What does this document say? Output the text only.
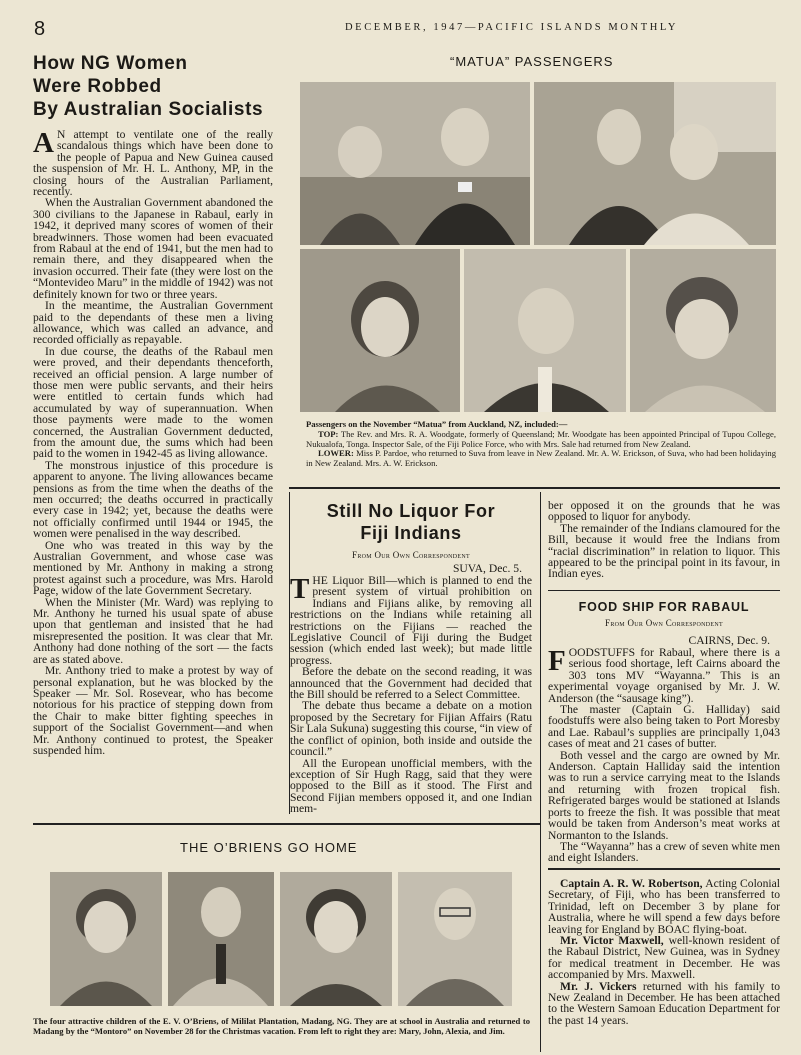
8	DECEMBER, 1947—PACIFIC ISLANDS MONTHLY
How NG Women
Were Robbed
By Australian Socialists

A N attempt to ventilate one of the really scandalous things which have been done to the people of Papua and New Guinea caused the suspension of Mr. H. L. Anthony, MP, in the closing hours of the Australian Parliament, recently.

When the Australian Government abandoned the 300 civilians to the Japanese in Rabaul, early in 1942, it deprived many scores of women of their breadwinners. Those women had been evacuated from Rabaul at the end of 1941, but the men had to remain there, and they disappeared when the invasion occurred. Their fate (they were lost on the “Montevideo Maru” in the middle of 1942) was not definitely known for two or three years.

In the meantime, the Australian Government paid to the dependants of these men a living allowance, which was called an advance, and recorded officially as repayable.

In due course, the deaths of the Rabaul men were proved, and their dependants thenceforth, received an official pension. A large number of those men were public servants, and their heirs were entitled to certain funds which had accumulated by way of superannuation. When those payments were made to the women concerned, the Australian Government deducted, from the amount due, the sums which had been paid to the women in 1942-45 as living allowance.

The monstrous injustice of this procedure is apparent to anyone. The living allowances became pensions as from the time when the deaths of the men occurred; the deaths occurred in practically every case in 1942; yet, because the deaths were not officially confirmed until 1944 or 1945, the women were penalised in the way described.

One who was treated in this way by the Australian Government, and whose case was mentioned by Mr. Anthony in making a strong protest against such a procedure, was Mrs. Harold Page, widow of the late Government Secretary.

When the Minister (Mr. Ward) was replying to Mr. Anthony he turned his usual spate of abuse upon that gentleman and insisted that he had misrepresented the position. It was clear that Mr. Anthony had done nothing of the sort — the facts are as stated above.

Mr. Anthony tried to make a protest by way of personal explanation, but he was blocked by the Speaker — Mr. Sol. Rosevear, who has become notorious for his practice of stepping down from the Chair to make bitter fighting speeches in support of the Socialist Government—and when Mr. Anthony continued to protest, the Speaker suspended him.

“MATUA” PASSENGERS
Passengers on the November “Matua” from Auckland, NZ, included:—
TOP: The Rev. and Mrs. R. A. Woodgate, formerly of Queensland; Mr. Woodgate has been appointed Principal of Tupou College, Nukualofa, Tonga. Inspector Sale, of the Fiji Police Force, who with Mrs. Sale had returned from New Zealand.
LOWER: Miss P. Pardoe, who returned to Suva from leave in New Zealand. Mr. A. W. Erickson, of Suva, who had been holidaying in New Zealand. Mrs. A. W. Erickson.
Still No Liquor For
Fiji Indians
From Our Own Correspondent
SUVA, Dec. 5.

THE Liquor Bill—which is planned to end the present system of virtual prohibition on Indians and Fijians alike, by removing all restrictions on the Indians while retaining all restrictions on the Fijians — reached the Legislative Council of Fiji during the Budget session (which ended last week); but made little progress.

Before the debate on the second reading, it was announced that the Government had decided that the Bill should be referred to a Select Committee.

The debate thus became a debate on a motion proposed by the Secretary for Fijian Affairs (Ratu Sir Lala Sukuna) suggesting this course, “in view of the conflict of opinion, both inside and outside the council.”

All the European unofficial members, with the exception of Sir Hugh Ragg, said that they were opposed to the Bill as it stood. The First and Second Fijian members opposed it, and one Indian mem-

ber opposed it on the grounds that he was opposed to liquor for anybody.

The remainder of the Indians clamoured for the Bill, because it would free the Indians from “racial discrimination” in relation to liquor. This appeared to be the principal point in its favour, in Indian eyes.

FOOD SHIP FOR RABAUL
From Our Own Correspondent
CAIRNS, Dec. 9.

FOODSTUFFS for Rabaul, where there is a serious food shortage, left Cairns aboard the 303 tons MV “Wayanna.” This is an experimental voyage organised by Mr. J. W. Anderson (the “sausage king”).

The master (Captain G. Halliday) said foodstuffs were also being taken to Port Moresby and Lae. Rabaul’s supplies are principally 1,043 cases of meat and 21 cases of butter.

Both vessel and the cargo are owned by Mr. Anderson. Captain Halliday said the intention was to run a service carrying meat to the Islands and returning with frozen tropical fish. Refrigerated barges would be stationed at Islands ports to freeze the fish. It was possible that meat would be taken from Anderson’s meat works at Normanton to the Islands.

The “Wayanna” has a crew of seven white men and eight Islanders.

Captain A. R. W. Robertson, Acting Colonial Secretary, of Fiji, who has been transferred to Trinidad, left on December 3 by plane for Australia, where he will spend a few days before leaving for England by BOAC flying-boat.

Mr. Victor Maxwell, well-known resident of the Rabaul District, New Guinea, was in Sydney for medical treatment in December. He was accompanied by Mrs. Maxwell.

Mr. J. Vickers returned with his family to New Zealand in December. He has been attached to the Western Samoan Education Department for the past 14 years.

THE O’BRIENS GO HOME
The four attractive children of the E. V. O’Briens, of Mililat Plantation, Madang, NG. They are at school in Australia and returned to Madang by the “Montoro” on November 28 for the Christmas vacation. From left to right they are: Mary, John, Alexia, and Jim.
